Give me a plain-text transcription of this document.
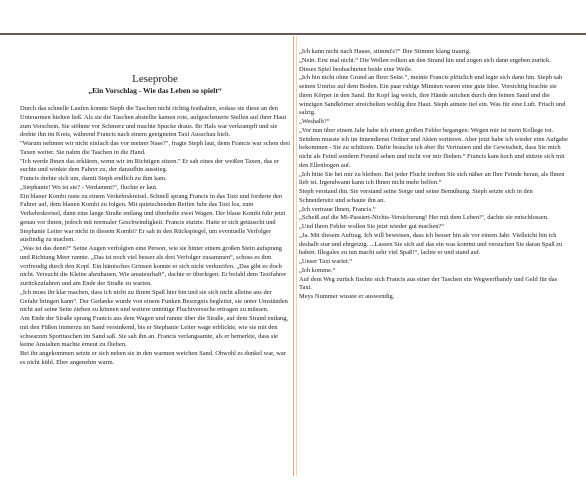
Leseprobe
„Ein Vorschlag - Wie das Leben so spielt“

Durch das schnelle Laufen konnte Steph die Taschen nicht richtig festhalten, sodass sie diese an den Unterarmen hielten ließ. Als sie die Taschen abstellte kamen rote, aufgescheuerte Stellen auf ihrer Haut zum Vorschein. Sie stöhnte vor Schmerz und machte Spucke draus. Ihr Hals war verkrampft und sie drehte ihn im Kreis, während Francis nach einem geeigneten Taxi Ausschau hielt.

"Warum nehmen wir nicht einfach das vor meiner Nase?", fragte Steph laut, denn Francis war schon drei Taxen weiter. Sie nahm die Taschen in die Hand.

"Ich werde Ihnen das erklären, wenn wir im Richtigen sitzen." Er sah eines der weißen Taxen, das er suchte und winkte dem Fahrer zu, der daraufhin ausstieg.

Francis drehte sich um, damit Steph endlich zu ihm kam.

„Stephanie! Wo ist sie? - Verdammt!“, fluchte er laut.

Ein blauer Kombi raste zu einem Verkehrskreisel. Schnell sprang Francis in das Taxi und forderte den Fahrer auf, dem blauen Kombi zu folgen. Mit quietschenden Reifen fuhr das Taxi los, zum Verkehrskreisel, dann eine lange Straße entlang und überholte zwei Wagen. Der blaue Kombi fuhr jetzt genau vor ihnen, jedoch mit normaler Geschwindigkeit. Francis stutzte. Hatte er sich getäuscht und Stephanie Leiter war nicht in diesem Kombi? Er sah in den Rückspiegel, um eventuelle Verfolger ausfindig zu machen.

„Was ist das denn?“ Seine Augen verfolgten eine Person, wie sie hinter einem großen Stein aufsprang und Richtung Meer rannte. „Das ist noch viel besser als drei Verfolger zusammen“, schoss es ihm vorfreudig durch den Kopf. Ein hämisches Grinsen konnte er sich nicht verkneifen. „Das gibt es doch nicht. Versucht die Kleine abzuhauen. Wie amateurhaft“, dachte er überlegen. Er befahl dem Taxifahrer zurückzufahren und am Ende der Straße zu warten.

„Ich muss ihr klar machen, dass ich nicht zu ihrem Spaß hier bin und sie sich nicht alleine aus der Gefahr bringen kann“. Der Gedanke wurde von einem Funken Besorgnis begleitet, sie unter Umständen nicht auf seine Seite ziehen zu können und weitere unnötige Fluchtversuche ertragen zu müssen.

Am Ende der Straße sprang Francis aus dem Wagen und rannte über die Straße, auf dem Strand entlang, mit den Füßen immerzu im Sand versinkend, bis er Stephanie Leiter wage erblickte, wie sie mit den schwarzen Sporttaschen im Sand saß. Sie sah ihn an. Francis verlangsamte, als er bemerkte, dass sie keine Anstalten machte erneut zu fliehen.

Bei ihr angekommen setzte er sich neben sie in den warmen weichen Sand. Obwohl es dunkel war, war es nicht kühl. Eher angenehm warm.

„Ich kann nicht nach Hause, stimmt's?“ Ihre Stimme klang traurig.

„Nein. Erst mal nicht.“ Die Wellen rollten an den Strand hin und zogen sich dann ergeben zurück. Dieses Spiel beobachteten beide eine Weile.

„Ich bin nicht ohne Grund an Ihrer Seite.“, meinte Francis plötzlich und legte sich dann hin. Steph sah seinen Umriss auf dem Boden. Ein paar ruhige Minuten waren eine gute Idee. Vorsichtig brachte sie ihren Körper in den Sand. Ihr Kopf lag weich, ihre Hände strichen durch den feinen Sand und die winzigen Sandkörner streichelten wohlig ihre Haut. Steph atmete tief ein. Was für eine Luft. Frisch und salzig.

„Weshalb?“

„Vor nun über einem Jahr habe ich einen großen Fehler begangen. Wegen mir ist mein Kollege tot. Seitdem musste ich im Innendienst Ordner und Akten sortieren. Aber jetzt habe ich wieder eine Aufgabe bekommen - Sie zu schützen. Dafür brauche ich aber Ihr Vertrauen und die Gewissheit, dass Sie mich nicht als Feind sondern Freund sehen und nicht vor mir fliehen.“ Francis kam hoch und stützte sich mit den Ellenbogen auf.

„Ich bitte Sie bei mir zu bleiben. Bei jeder Flucht treiben Sie sich näher an Ihre Feinde heran, als Ihnen lieb ist. Irgendwann kann ich Ihnen nicht mehr helfen.“

Steph verstand ihn. Sie verstand seine Sorge und seine Bemühung. Steph setzte sich in den Schneidersitz und schaute ihn an.

„Ich vertraue Ihnen, Francis.“

„Scheiß auf die Mi-Passiert-Nichts-Versicherung! Her mit dem Leben!“, dachte sie entschlossen.

„Und Ihren Fehler wollen Sie jetzt wieder gut machen?“

„Ja. Mit diesem Auftrag. Ich will beweisen, dass ich besser bin als vor einem Jahr. Vielleicht bin ich deshalb stur und ehrgeizig. ...Lassen Sie sich auf das ein was kommt und versuchen Sie daran Spaß zu haben. Illegales zu tun macht sehr viel Spaß!“, lachte er und stand auf.

„Unser Taxi wartet.“

„Ich komme.“

Auf dem Weg zurück fischte sich Francis aus einer der Taschen ein Wegwerfhandy und Geld für das Taxi.

Meys Nummer wusste er auswendig.
